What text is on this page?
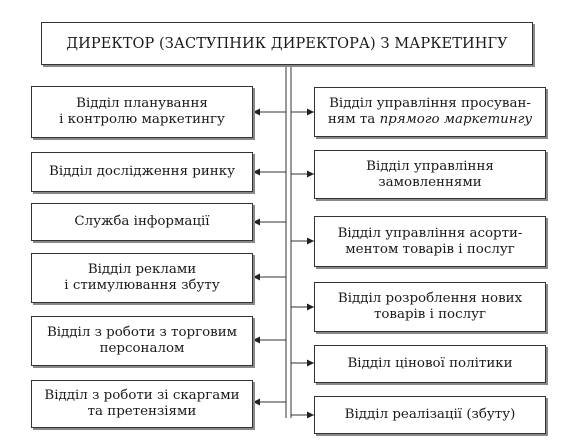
ДИРЕКТОР (ЗАСТУПНИК ДИРЕКТОРА) З МАРКЕТИНГУ
Відділ планування
і контролю маркетингу
Відділ дослідження ринку
Служба інформації
Відділ реклами
і стимулювання збуту
Відділ з роботи з торговим
персоналом
Відділ з роботи зі скаргами
та претензіями
Відділ управління просуван-
ням та прямого маркетингу
Відділ управління
замовленнями
Відділ управління асорти-
ментом товарів і послуг
Відділ розроблення нових
товарів і послуг
Відділ цінової політики
Відділ реалізації (збуту)
